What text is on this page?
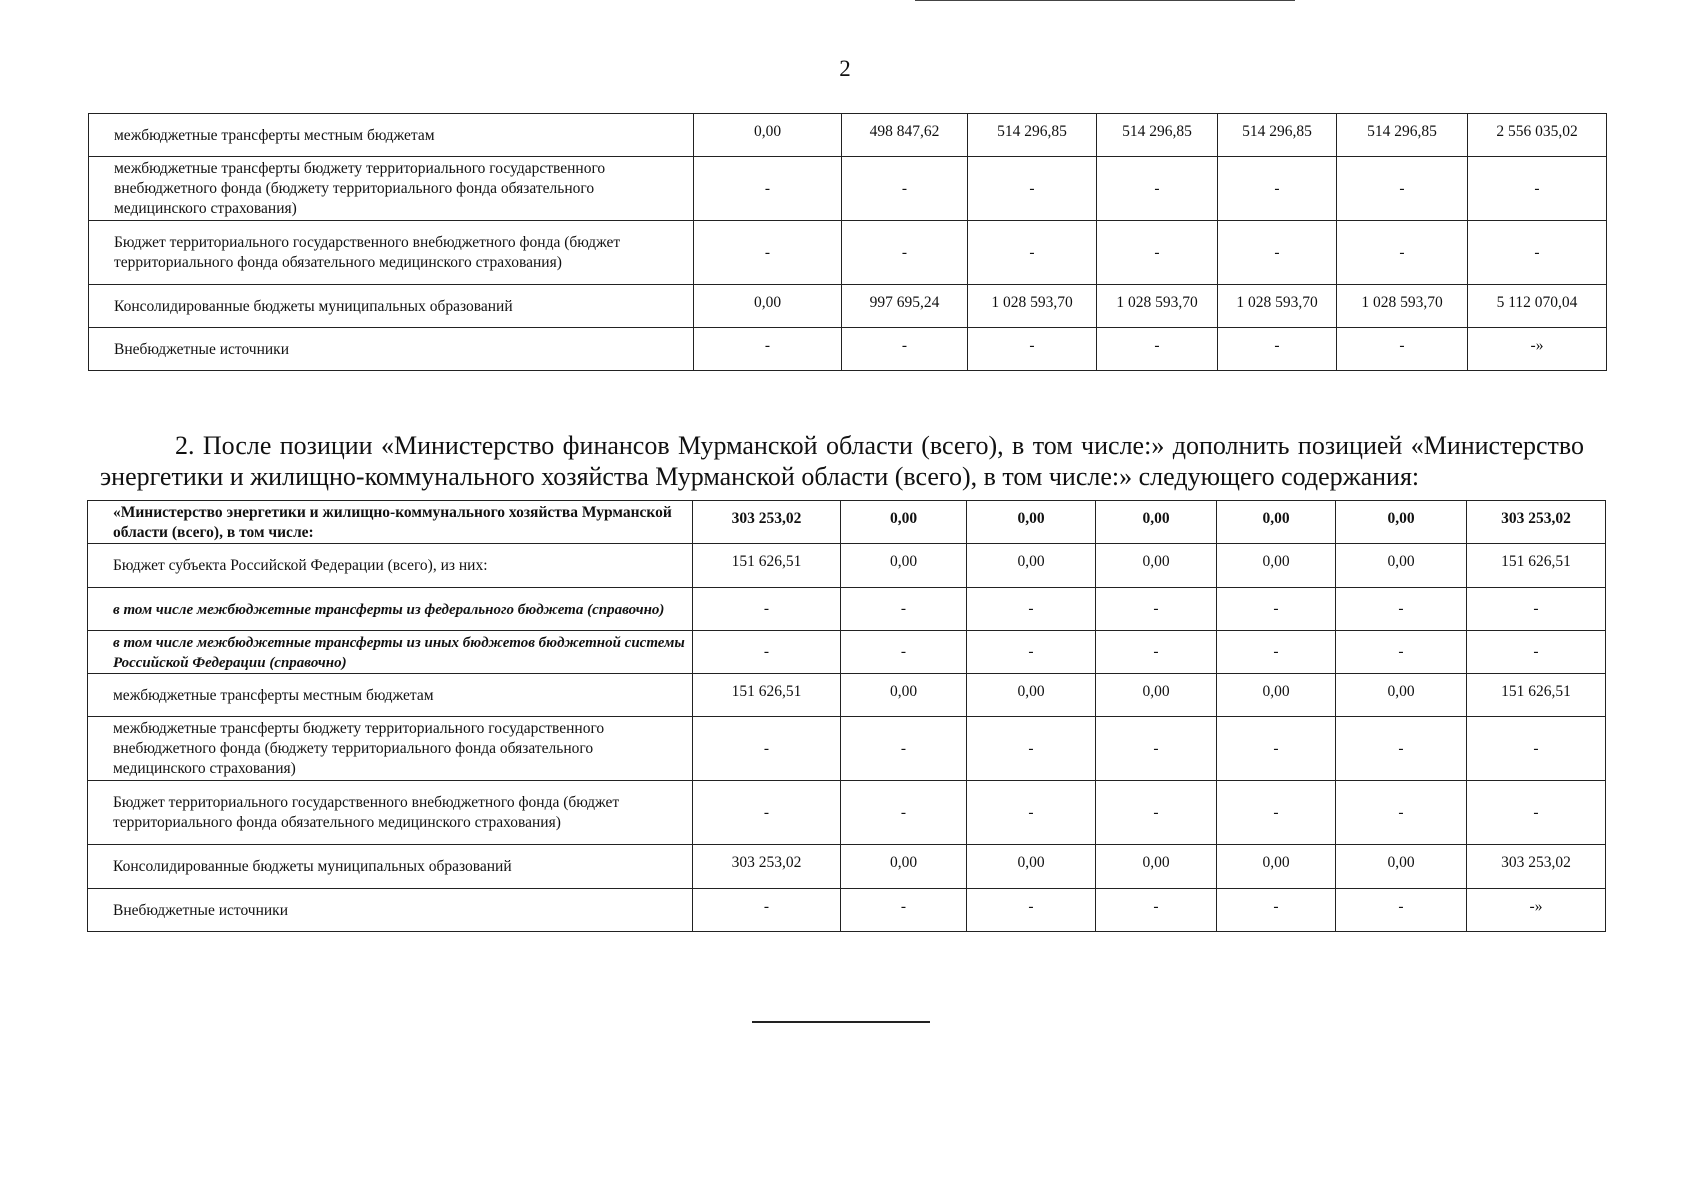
2
межбюджетные трансферты местным бюджетам	0,00	498 847,62	514 296,85	514 296,85	514 296,85	514 296,85	2 556 035,02
межбюджетные трансферты бюджету территориального государственного внебюджетного фонда (бюджету территориального фонда обязательного медицинского страхования)	-	-	-	-	-	-	-
Бюджет территориального государственного внебюджетного фонда (бюджет территориального фонда обязательного медицинского страхования)	-	-	-	-	-	-	-
Консолидированные бюджеты муниципальных образований	0,00	997 695,24	1 028 593,70	1 028 593,70	1 028 593,70	1 028 593,70	5 112 070,04
Внебюджетные источники	-	-	-	-	-	-	-»

2. После позиции «Министерство финансов Мурманской области (всего), в том числе:» дополнить позицией «Министерство энергетики и жилищно-коммунального хозяйства Мурманской области (всего), в том числе:» следующего содержания:

«Министерство энергетики и жилищно-коммунального хозяйства Мурманской области (всего), в том числе:	303 253,02	0,00	0,00	0,00	0,00	0,00	303 253,02
Бюджет субъекта Российской Федерации (всего), из них:	151 626,51	0,00	0,00	0,00	0,00	0,00	151 626,51
в том числе межбюджетные трансферты из федерального бюджета (справочно)	-	-	-	-	-	-	-
в том числе межбюджетные трансферты из иных бюджетов бюджетной системы Российской Федерации (справочно)	-	-	-	-	-	-	-
межбюджетные трансферты местным бюджетам	151 626,51	0,00	0,00	0,00	0,00	0,00	151 626,51
межбюджетные трансферты бюджету территориального государственного внебюджетного фонда (бюджету территориального фонда обязательного медицинского страхования)	-	-	-	-	-	-	-
Бюджет территориального государственного внебюджетного фонда (бюджет территориального фонда обязательного медицинского страхования)	-	-	-	-	-	-	-
Консолидированные бюджеты муниципальных образований	303 253,02	0,00	0,00	0,00	0,00	0,00	303 253,02
Внебюджетные источники	-	-	-	-	-	-	-»
